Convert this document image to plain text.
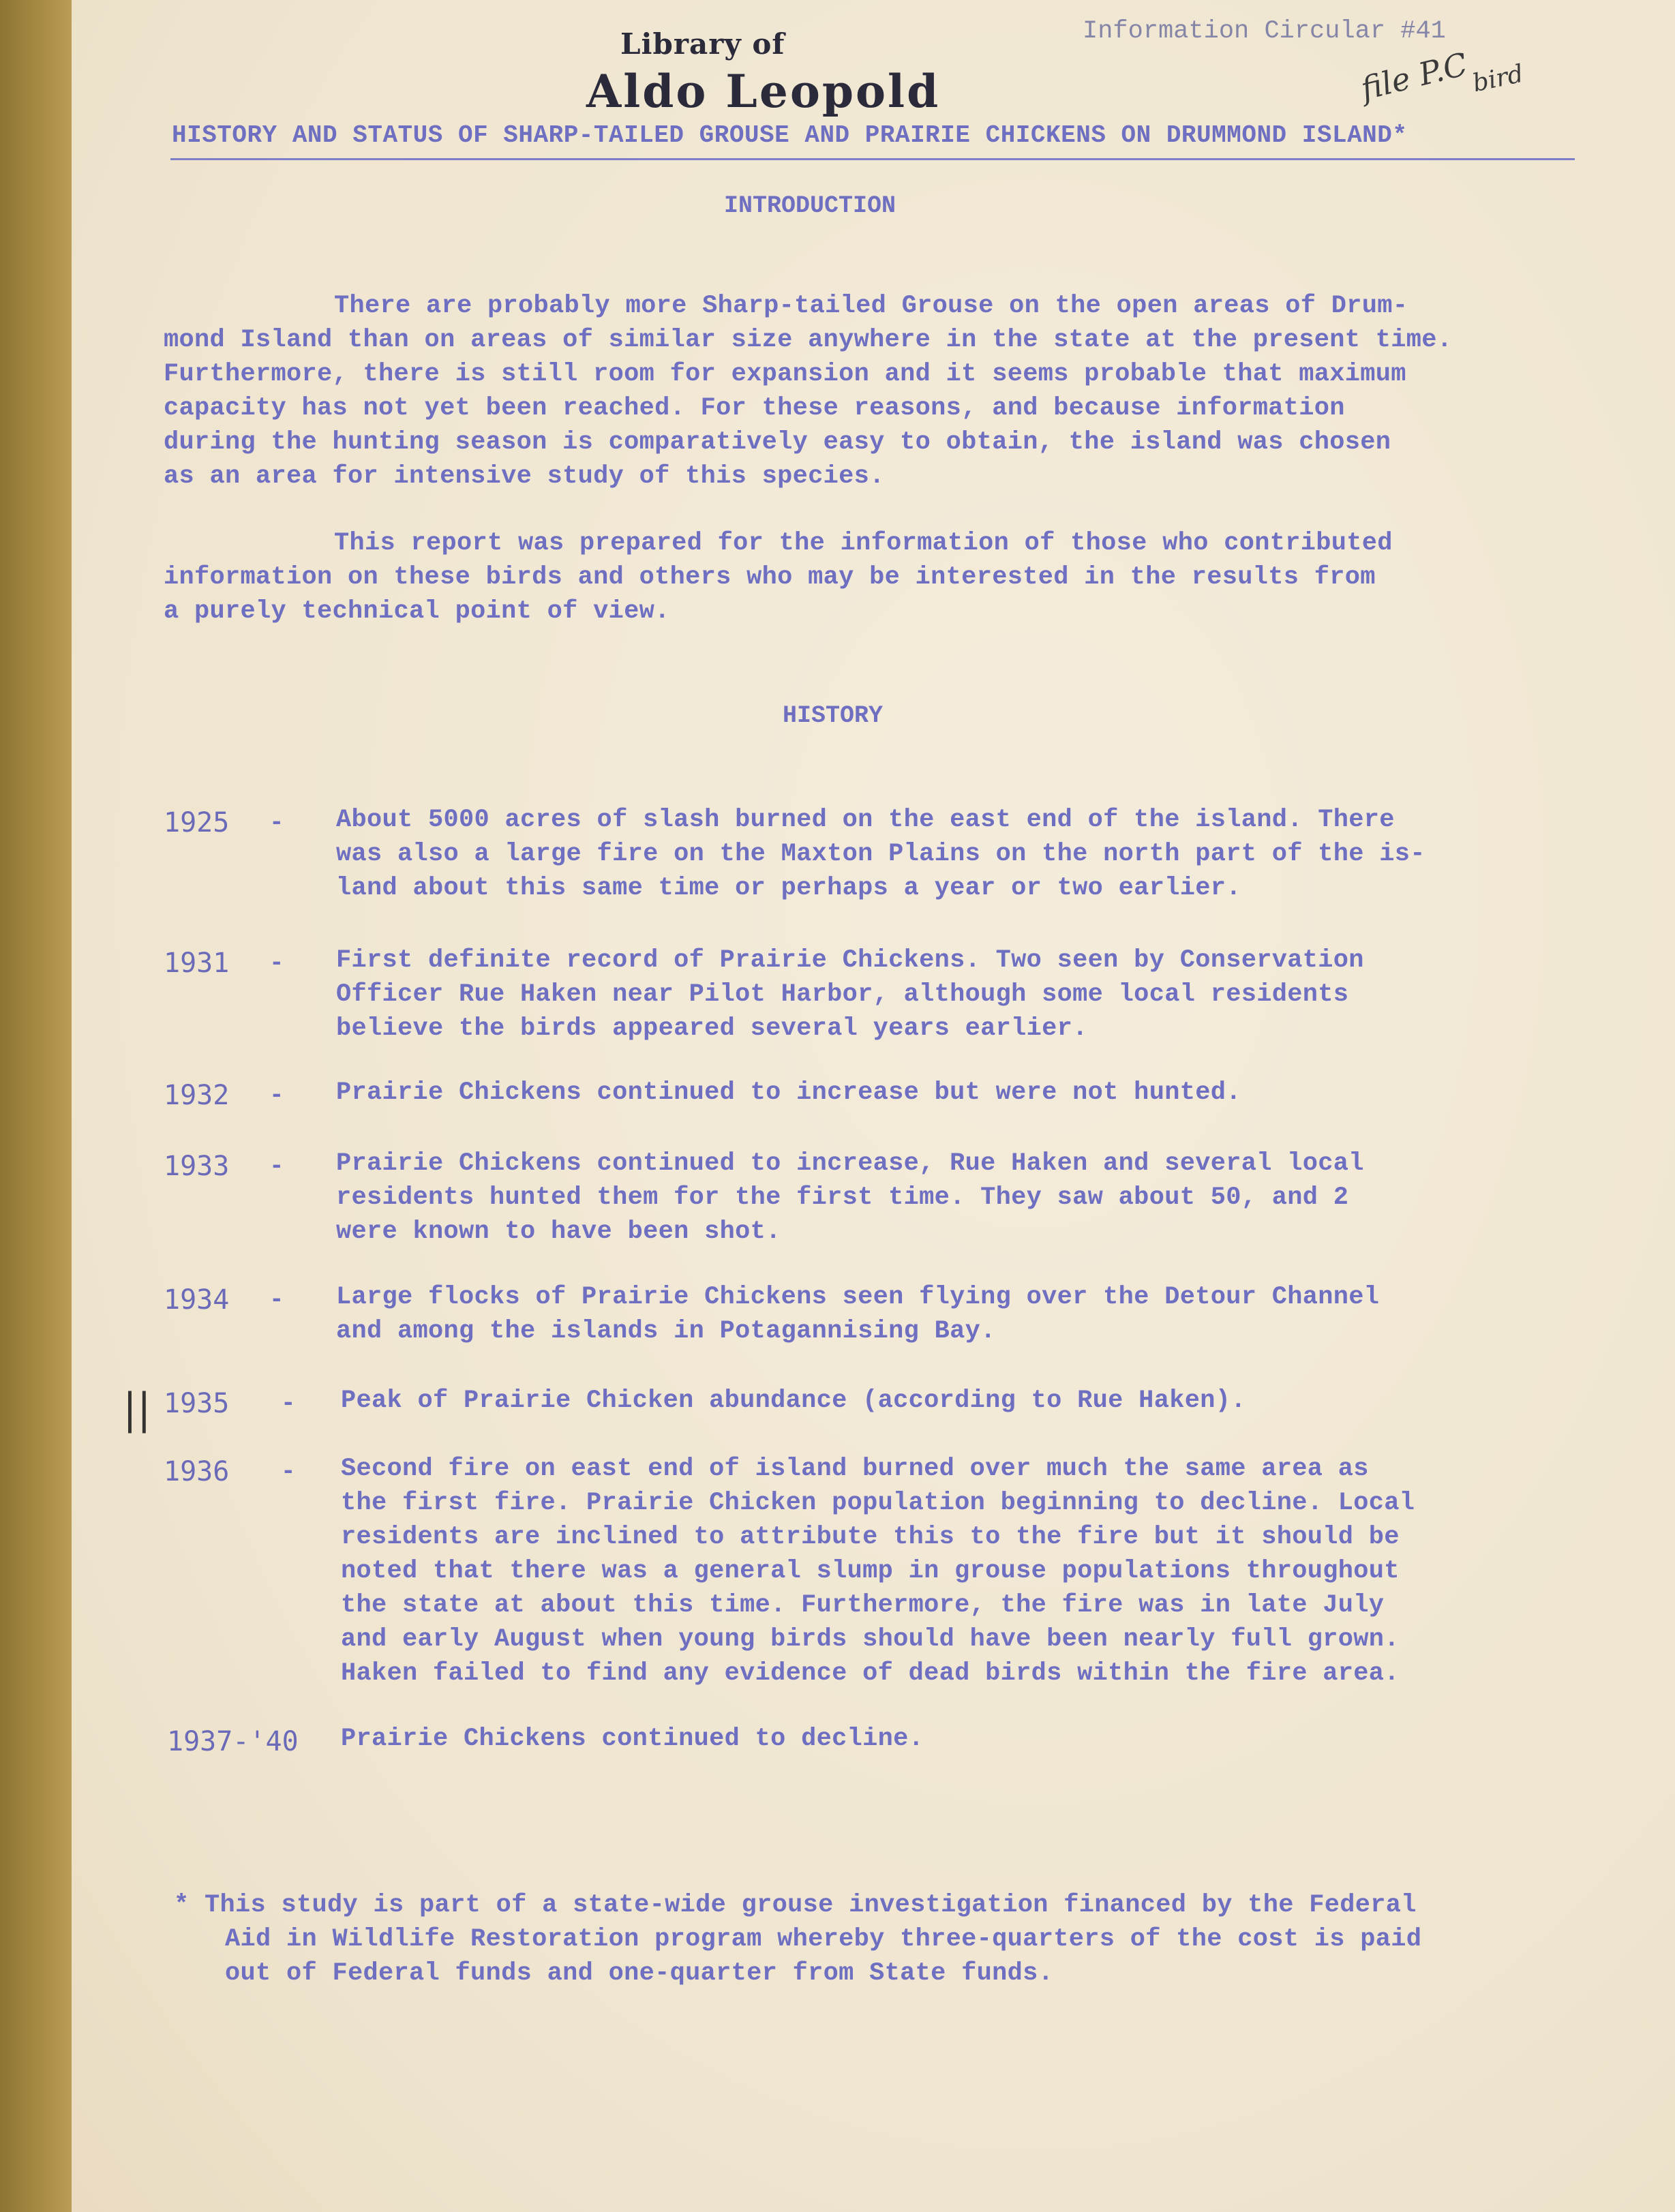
Library of
Aldo Leopold
Information Circular #41
file P.C
bird
HISTORY AND STATUS OF SHARP-TAILED GROUSE AND PRAIRIE CHICKENS ON DRUMMOND ISLAND*
INTRODUCTION
There are probably more Sharp-tailed Grouse on the open areas of Drum-
mond Island than on areas of similar size anywhere in the state at the present time.
Furthermore, there is still room for expansion and it seems probable that maximum
capacity has not yet been reached. For these reasons, and because information
during the hunting season is comparatively easy to obtain, the island was chosen
as an area for intensive study of this species.
This report was prepared for the information of those who contributed
information on these birds and others who may be interested in the results from
a purely technical point of view.
HISTORY
1925 - About 5000 acres of slash burned on the east end of the island. There
was also a large fire on the Maxton Plains on the north part of the is-
land about this same time or perhaps a year or two earlier.
1931 - First definite record of Prairie Chickens. Two seen by Conservation
Officer Rue Haken near Pilot Harbor, although some local residents
believe the birds appeared several years earlier.
1932 - Prairie Chickens continued to increase but were not hunted.
1933 - Prairie Chickens continued to increase, Rue Haken and several local
residents hunted them for the first time. They saw about 50, and 2
were known to have been shot.
1934 - Large flocks of Prairie Chickens seen flying over the Detour Channel
and among the islands in Potagannising Bay.
|| 1935 - Peak of Prairie Chicken abundance (according to Rue Haken).
1936 - Second fire on east end of island burned over much the same area as
the first fire. Prairie Chicken population beginning to decline. Local
residents are inclined to attribute this to the fire but it should be
noted that there was a general slump in grouse populations throughout
the state at about this time. Furthermore, the fire was in late July
and early August when young birds should have been nearly full grown.
Haken failed to find any evidence of dead birds within the fire area.
1937-'40 Prairie Chickens continued to decline.
* This study is part of a state-wide grouse investigation financed by the Federal
Aid in Wildlife Restoration program whereby three-quarters of the cost is paid
out of Federal funds and one-quarter from State funds.
